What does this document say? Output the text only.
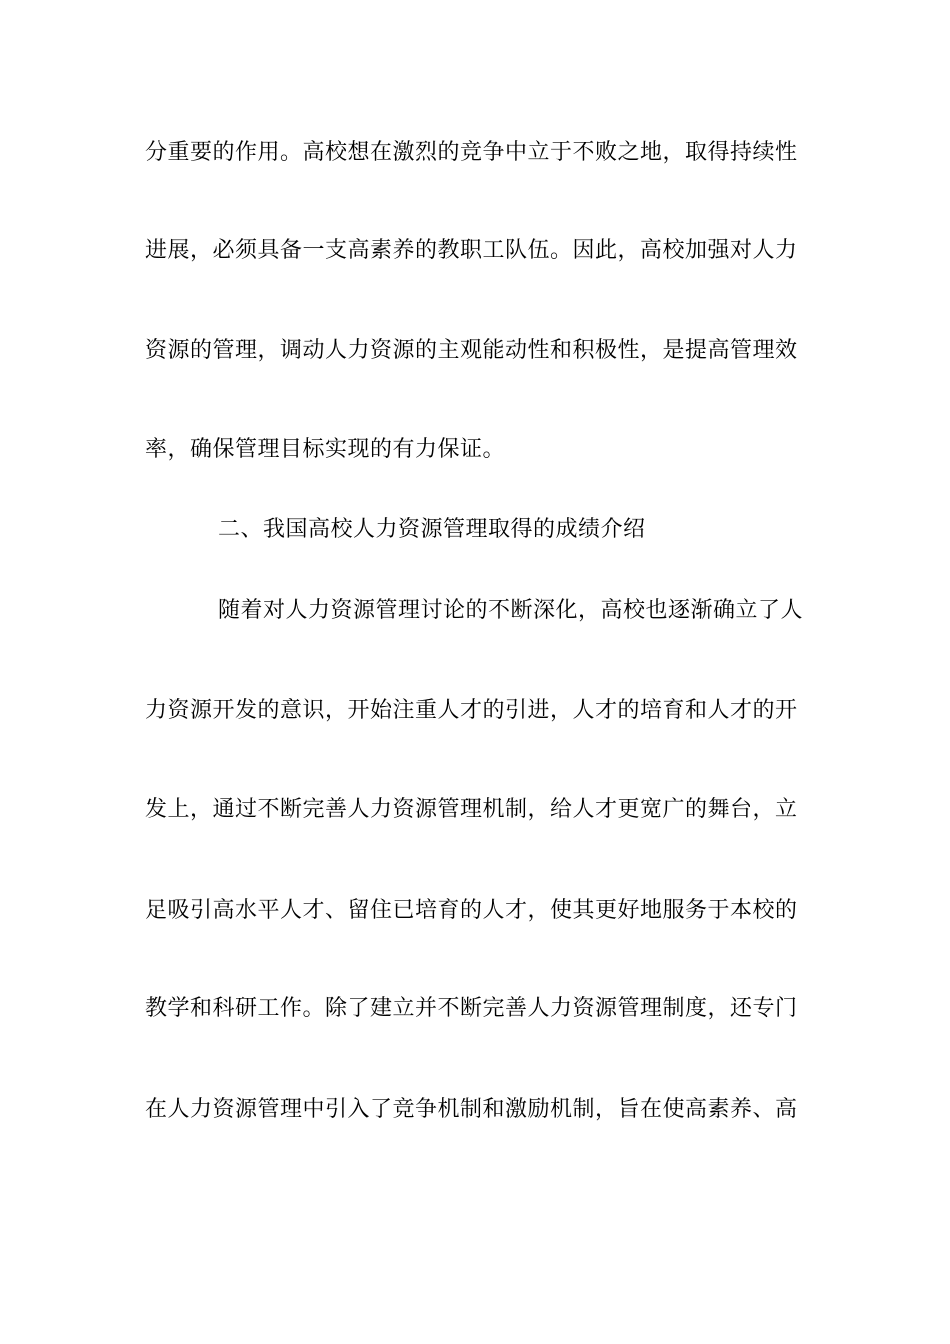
分重要的作用。高校想在激烈的竞争中立于不败之地，取得持续性
进展，必须具备一支高素养的教职工队伍。因此，高校加强对人力
资源的管理，调动人力资源的主观能动性和积极性，是提高管理效
率，确保管理目标实现的有力保证。
二、我国高校人力资源管理取得的成绩介绍
随着对人力资源管理讨论的不断深化，高校也逐渐确立了人
力资源开发的意识，开始注重人才的引进，人才的培育和人才的开
发上，通过不断完善人力资源管理机制，给人才更宽广的舞台，立
足吸引高水平人才、留住已培育的人才，使其更好地服务于本校的
教学和科研工作。除了建立并不断完善人力资源管理制度，还专门
在人力资源管理中引入了竞争机制和激励机制，旨在使高素养、高
